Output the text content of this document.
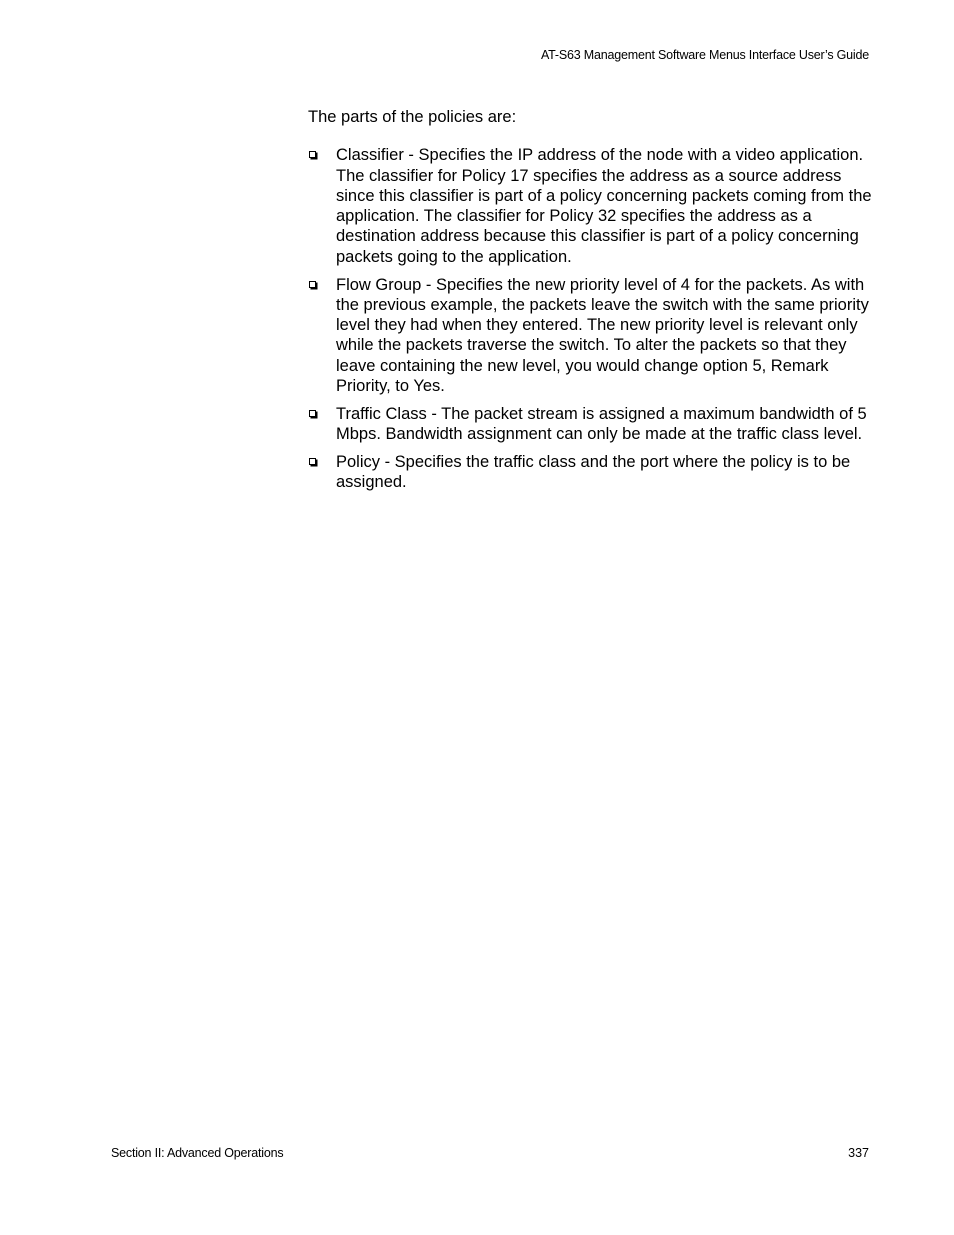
AT-S63 Management Software Menus Interface User’s Guide

The parts of the policies are:

Classifier - Specifies the IP address of the node with a video application. The classifier for Policy 17 specifies the address as a source address since this classifier is part of a policy concerning packets coming from the application. The classifier for Policy 32 specifies the address as a destination address because this classifier is part of a policy concerning packets going to the application.
Flow Group - Specifies the new priority level of 4 for the packets. As with the previous example, the packets leave the switch with the same priority level they had when they entered. The new priority level is relevant only while the packets traverse the switch. To alter the packets so that they leave containing the new level, you would change option 5, Remark Priority, to Yes.
Traffic Class - The packet stream is assigned a maximum bandwidth of 5 Mbps. Bandwidth assignment can only be made at the traffic class level.
Policy - Specifies the traffic class and the port where the policy is to be assigned.
Section II: Advanced Operations	337
